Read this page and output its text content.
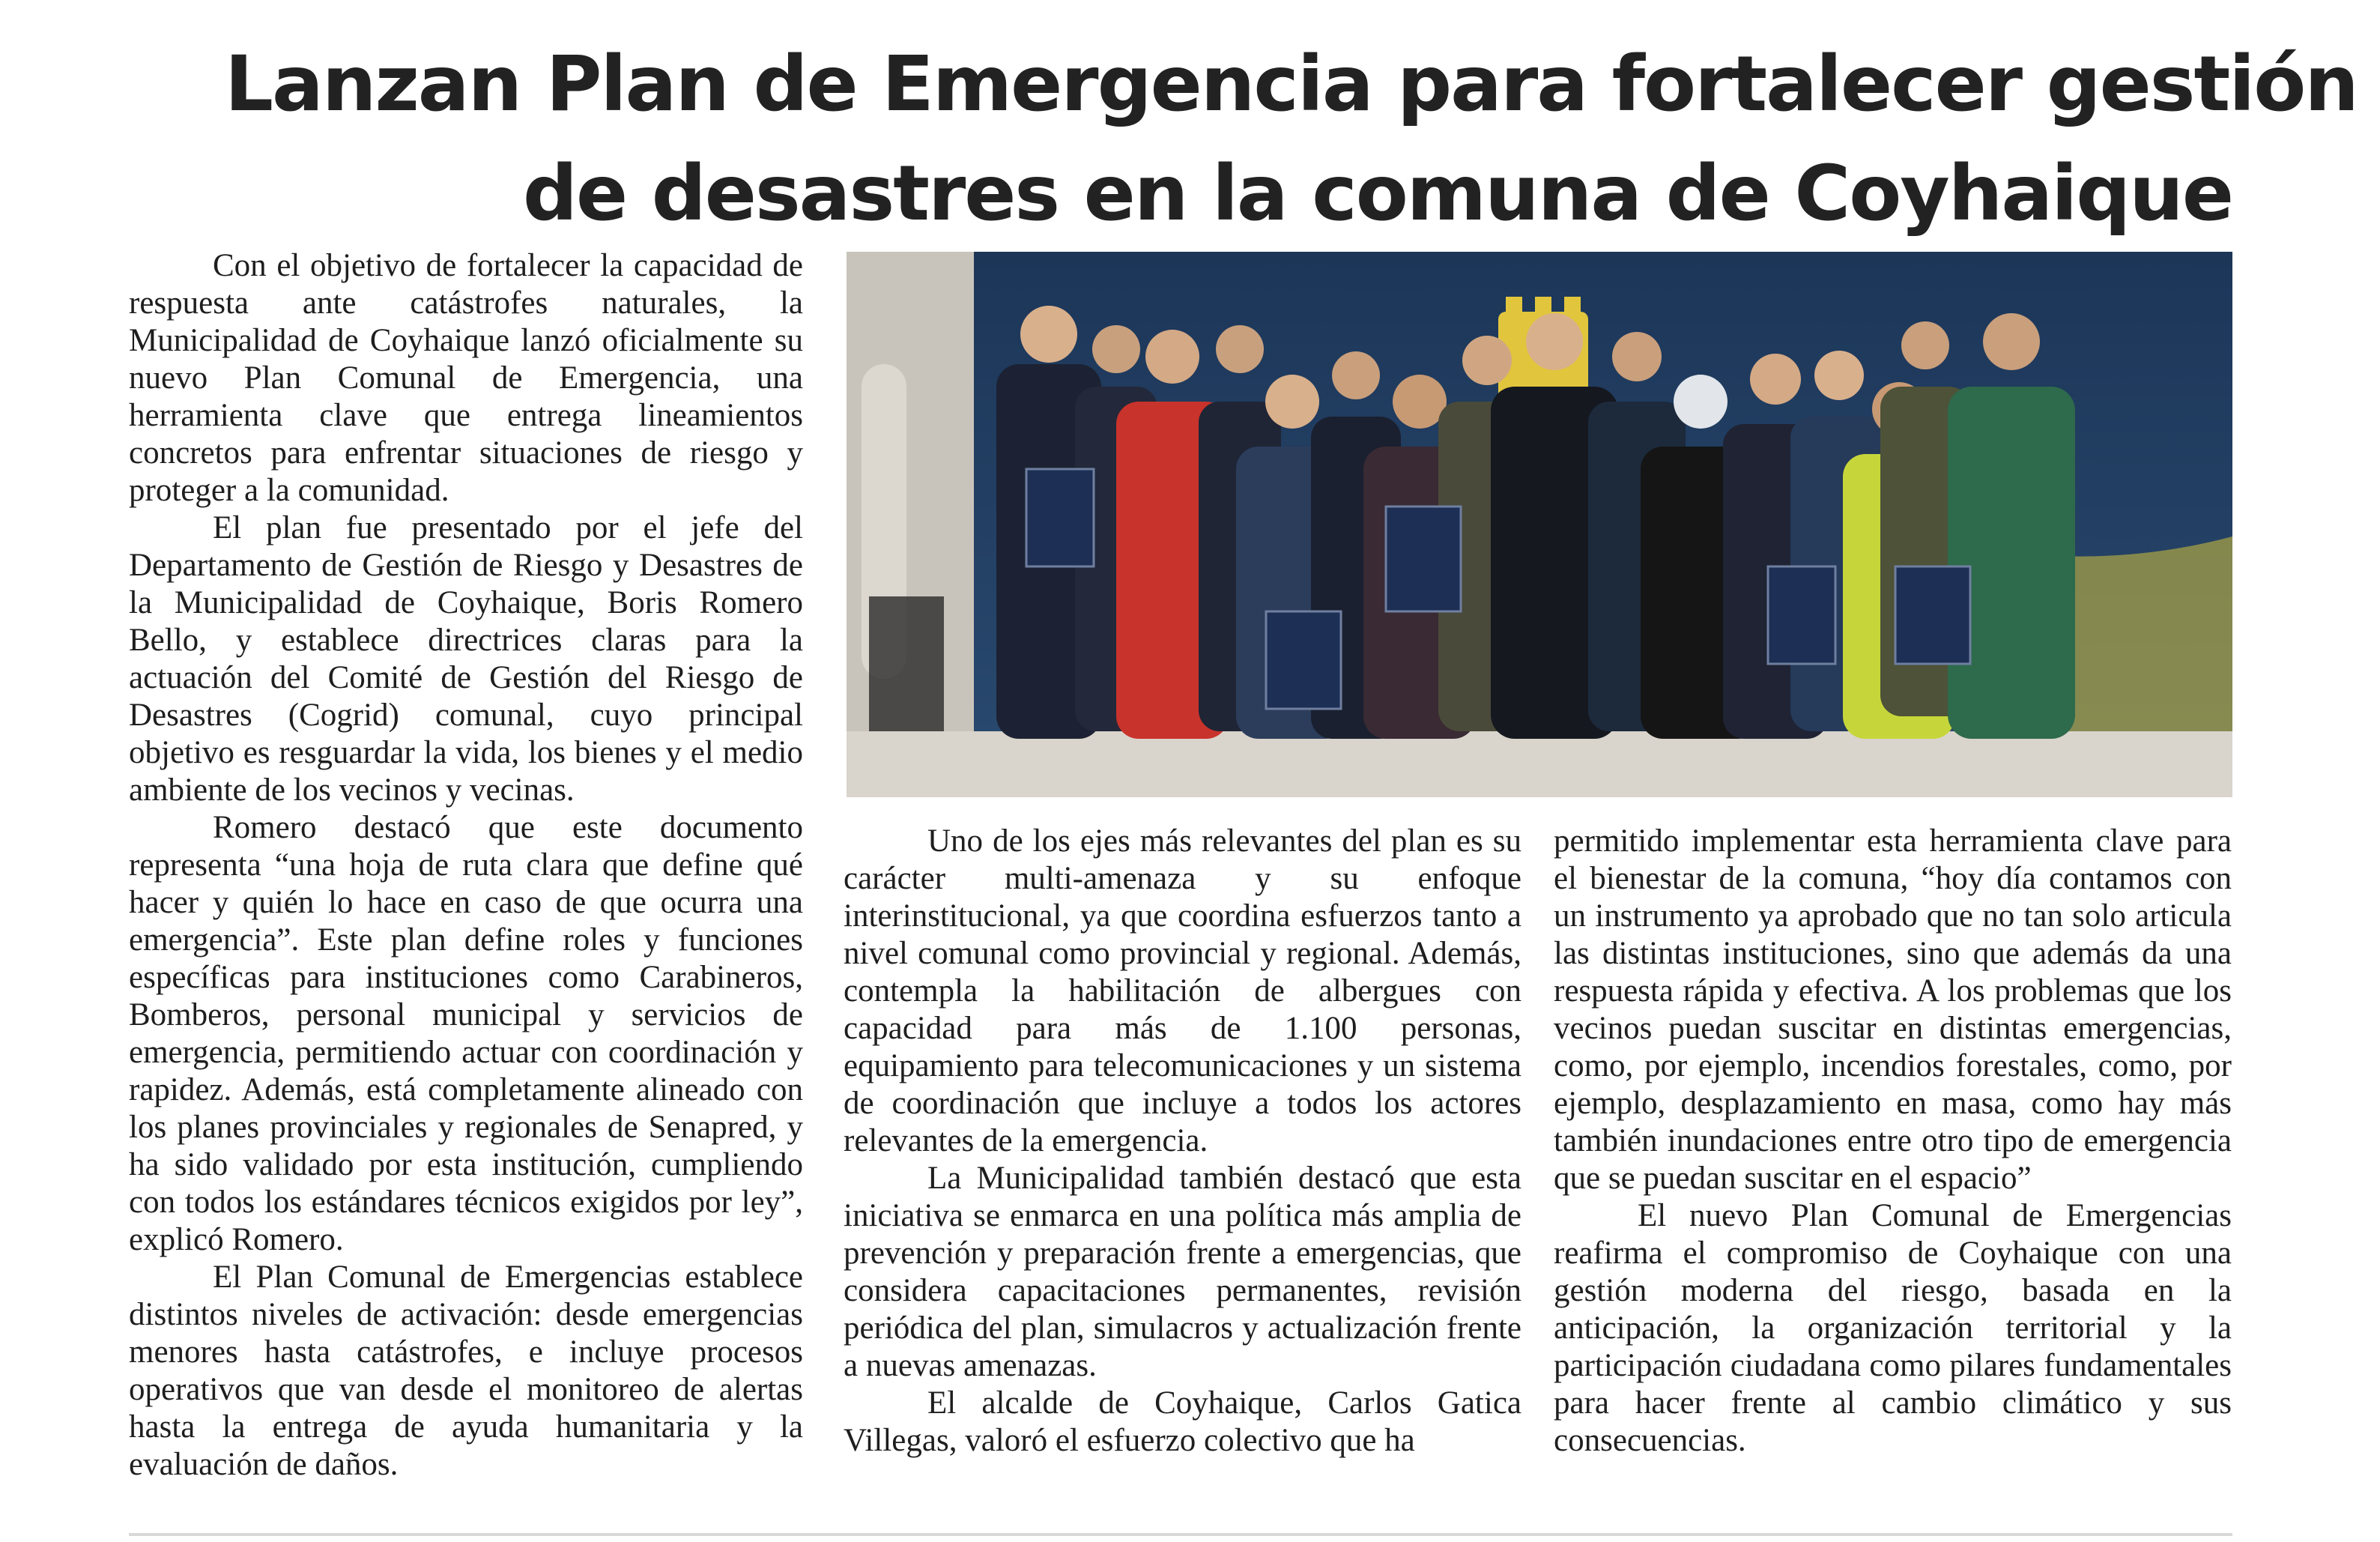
Lanzan Plan de Emergencia para fortalecer gestión
de desastres en la comuna de Coyhaique

Con el objetivo de fortalecer la capacidad de respuesta ante catástrofes naturales, la Municipalidad de Coyhaique lanzó oficialmente su nuevo Plan Comunal de Emergencia, una herramienta clave que entrega lineamientos concretos para enfrentar situaciones de riesgo y proteger a la comunidad.

El plan fue presentado por el jefe del Departamento de Gestión de Riesgo y Desastres de la Municipalidad de Coyhaique, Boris Romero Bello, y establece directrices claras para la actuación del Comité de Gestión del Riesgo de Desastres (Cogrid) comunal, cuyo principal objetivo es resguardar la vida, los bienes y el medio ambiente de los vecinos y vecinas.

Romero destacó que este documento representa “una hoja de ruta clara que define qué hacer y quién lo hace en caso de que ocurra una emergencia”. Este plan define roles y funciones específicas para instituciones como Carabineros, Bomberos, personal municipal y servicios de emergencia, permitiendo actuar con coordinación y rapidez. Además, está completamente alineado con los planes provinciales y regionales de Senapred, y ha sido validado por esta institución, cumpliendo con todos los estándares técnicos exigidos por ley”, explicó Romero.

El Plan Comunal de Emergencias establece distintos niveles de activación: desde emergencias menores hasta catástrofes, e incluye procesos operativos que van desde el monitoreo de alertas hasta la entrega de ayuda humanitaria y la evaluación de daños.

Uno de los ejes más relevantes del plan es su carácter multi-amenaza y su enfoque interinstitucional, ya que coordina esfuerzos tanto a nivel comunal como provincial y regional. Además, contempla la habilitación de albergues con capacidad para más de 1.100 personas, equipamiento para telecomunicaciones y un sistema de coordinación que incluye a todos los actores relevantes de la emergencia.

La Municipalidad también destacó que esta iniciativa se enmarca en una política más amplia de prevención y preparación frente a emergencias, que considera capacitaciones permanentes, revisión periódica del plan, simulacros y actualización frente a nuevas amenazas.

El alcalde de Coyhaique, Carlos Gatica Villegas, valoró el esfuerzo colectivo que ha

permitido implementar esta herramienta clave para el bienestar de la comuna, “hoy día contamos con un instrumento ya aprobado que no tan solo articula las distintas instituciones, sino que además da una respuesta rápida y efectiva. A los problemas que los vecinos puedan suscitar en distintas emergencias, como, por ejemplo, incendios forestales, como, por ejemplo, desplazamiento en masa, como hay más también inundaciones entre otro tipo de emergencia que se puedan suscitar en el espacio”

El nuevo Plan Comunal de Emergencias reafirma el compromiso de Coyhaique con una gestión moderna del riesgo, basada en la anticipación, la organización territorial y la participación ciudadana como pilares fundamentales para hacer frente al cambio climático y sus consecuencias.
